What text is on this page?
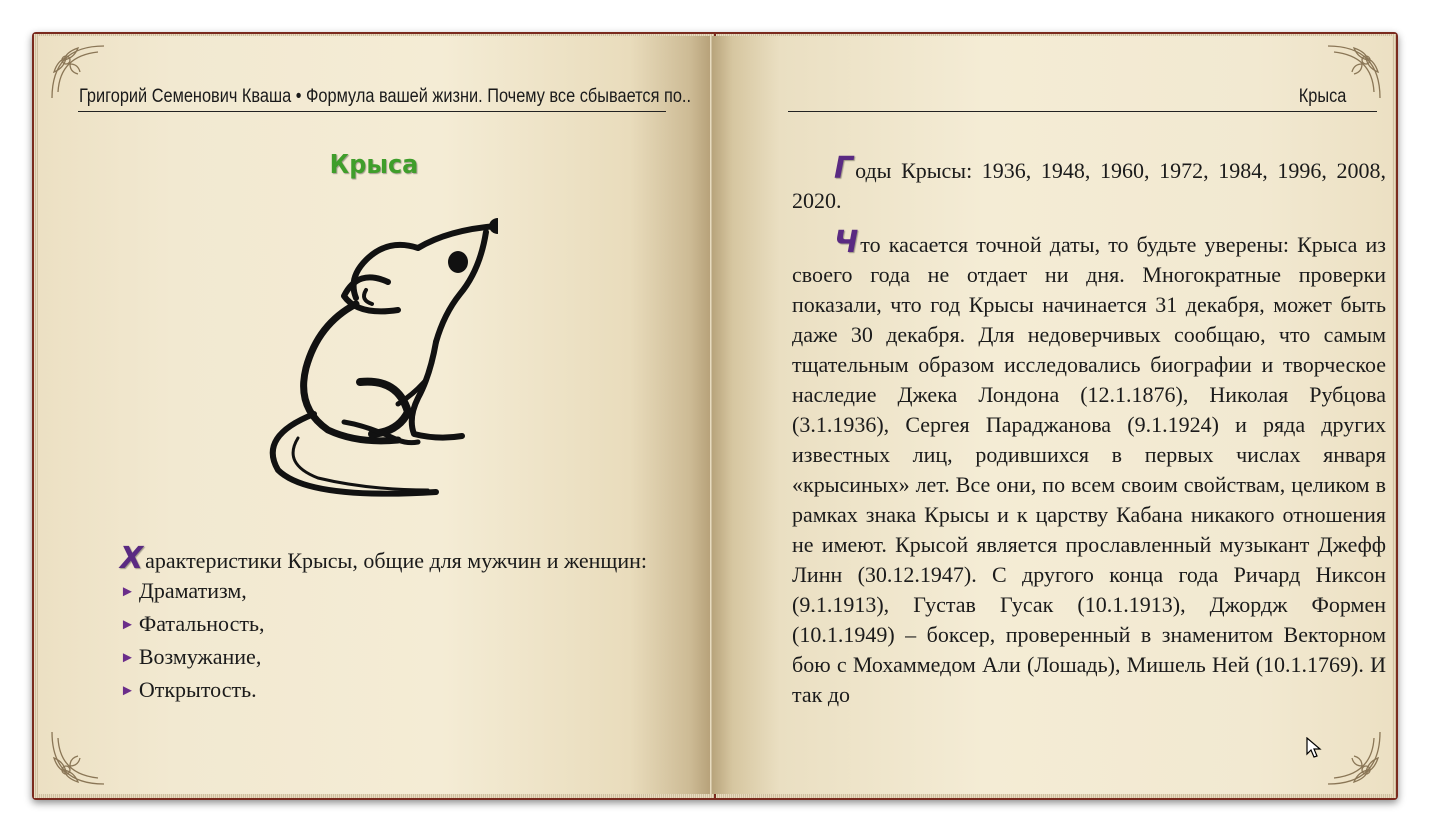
Григорий Семенович Кваша • Формула вашей жизни. Почему все сбывается по..
Крыса

Характеристики Крысы, общие для мужчин и женщин:

► Драматизм,
► Фатальность,
► Возмужание,
► Открытость.
Крыса

Годы Крысы: 1936, 1948, 1960, 1972, 1984, 1996, 2008, 2020.

Что касается точной даты, то будьте уверены: Крыса из своего года не отдает ни дня. Многократные проверки показали, что год Крысы начинается 31 декабря, может быть даже 30 декабря. Для недоверчивых сообщаю, что самым тщательным образом исследовались биографии и творческое наследие Джека Лондона (12.1.1876), Николая Рубцова (3.1.1936), Сергея Параджанова (9.1.1924) и ряда других известных лиц, родившихся в первых числах января «крысиных» лет. Все они, по всем своим свойствам, целиком в рамках знака Крысы и к царству Кабана никакого отношения не имеют. Крысой является прославленный музыкант Джефф Линн (30.12.1947). С другого конца года Ричард Никсон (9.1.1913), Густав Гусак (10.1.1913), Джордж Формен (10.1.1949) – боксер, проверенный в знаменитом Векторном бою с Мохаммедом Али (Лошадь), Мишель Ней (10.1.1769). И так до
